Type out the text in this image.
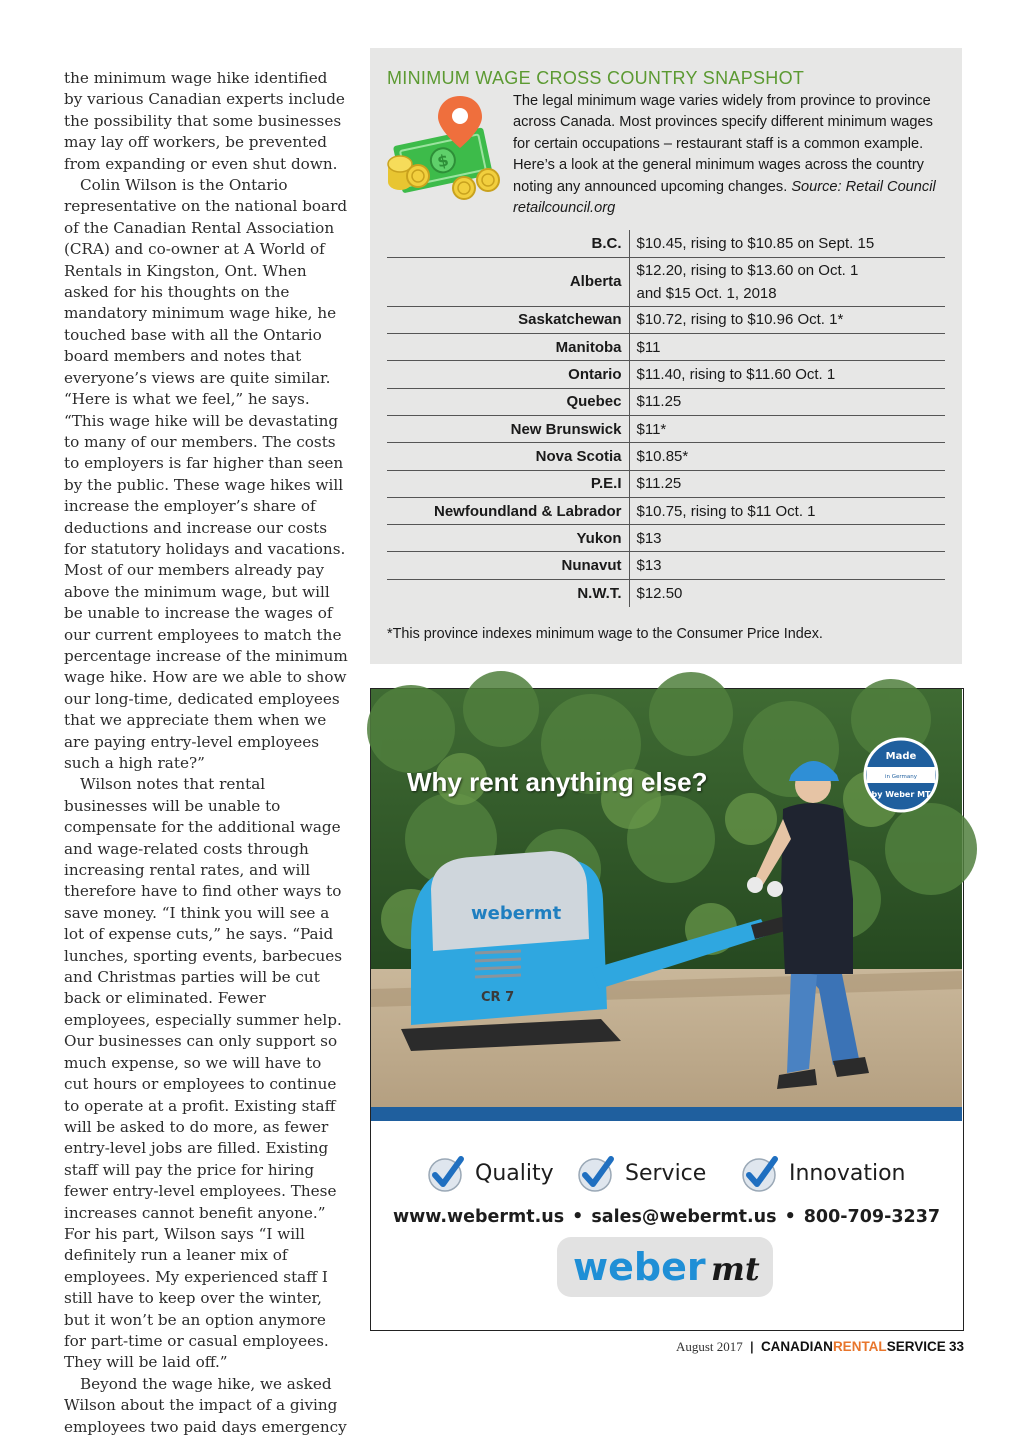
the minimum wage hike identified by various Canadian experts include the possibility that some businesses may lay off workers, be prevented from expanding or even shut down.

Colin Wilson is the Ontario representative on the national board of the Canadian Rental Association (CRA) and co-owner at A World of Rentals in Kingston, Ont. When asked for his thoughts on the mandatory minimum wage hike, he touched base with all the Ontario board members and notes that everyone’s views are quite similar. “Here is what we feel,” he says. “This wage hike will be devastating to many of our members. The costs to employers is far higher than seen by the public. These wage hikes will increase the employer’s share of deductions and increase our costs for statutory holidays and vacations. Most of our members already pay above the minimum wage, but will be unable to increase the wages of our current employees to match the percentage increase of the minimum wage hike. How are we able to show our long-time, dedicated employees that we appreciate them when we are paying entry-level employees such a high rate?”

Wilson notes that rental businesses will be unable to compensate for the additional wage and wage-related costs through increasing rental rates, and will therefore have to find other ways to save money. “I think you will see a lot of expense cuts,” he says. “Paid lunches, sporting events, barbecues and Christmas parties will be cut back or eliminated. Fewer employees, especially summer help. Our businesses can only support so much expense, so we will have to cut hours or employees to continue to operate at a profit. Existing staff will be asked to do more, as fewer entry-level jobs are filled. Existing staff will pay the price for hiring fewer entry-level employees. These increases cannot benefit anyone.” For his part, Wilson says “I will definitely run a leaner mix of employees. My experienced staff I still have to keep over the winter, but it won’t be an option anymore for part-time or casual employees. They will be laid off.”

Beyond the wage hike, we asked Wilson about the impact of a giving employees two paid days emergency

MINIMUM WAGE CROSS COUNTRY SNAPSHOT
$
The legal minimum wage varies widely from province to province across Canada. Most provinces specify different minimum wages for certain occupations – restaurant staff is a common example. Here’s a look at the general minimum wages across the country noting any announced upcoming changes. Source: Retail Council retailcouncil.org
B.C.	$10.45, rising to $10.85 on Sept. 15
Alberta	$12.20, rising to $13.60 on Oct. 1
and $15 Oct. 1, 2018

Saskatchewan	$10.72, rising to $10.96 Oct. 1*
Manitoba	$11
Ontario	$11.40, rising to $11.60 Oct. 1
Quebec	$11.25
New Brunswick	$11*
Nova Scotia	$10.85*
P.E.I	$11.25
Newfoundland & Labrador	$10.75, rising to $11 Oct. 1
Yukon	$13
Nunavut	$13
N.W.T.	$12.50
*This province indexes minimum wage to the Consumer Price Index.
webermt
CR 7
Made
in Germany
by Weber MT
Why rent anything else?
Quality	Service	Innovation
www.webermt.us • sales@webermt.us • 800-709-3237
weber mt
August 2017 | CANADIANRENTALSERVICE 33
